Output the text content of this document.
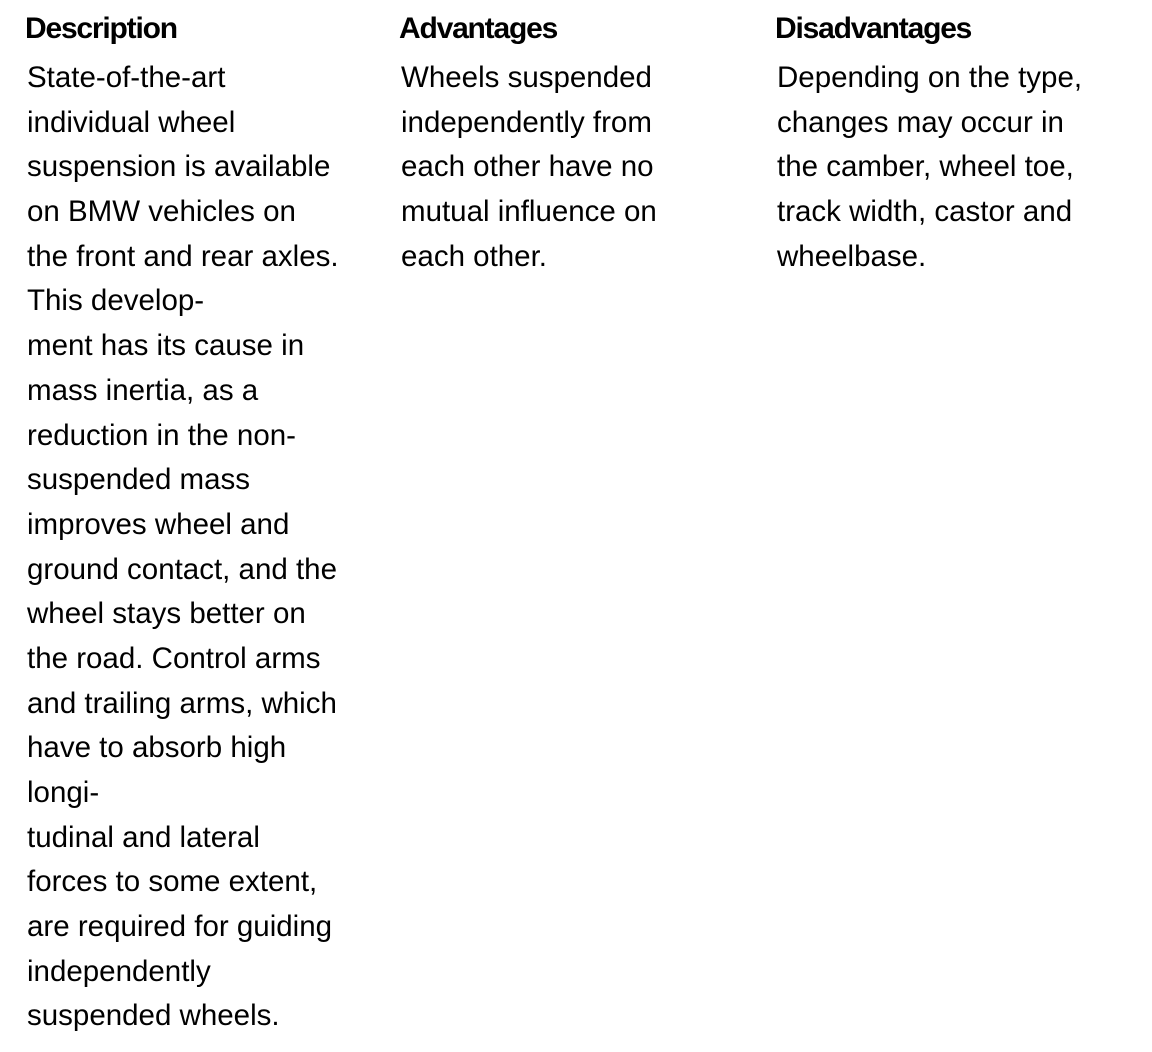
Description
State-of-the-art
individual wheel
suspension is available
on BMW vehicles on
the front and rear axles.
This develop-
ment has its cause in
mass inertia, as a
reduction in the non-
suspended mass
improves wheel and
ground contact, and the
wheel stays better on
the road. Control arms
and trailing arms, which
have to absorb high
longi-
tudinal and lateral
forces to some extent,
are required for guiding
independently
suspended wheels.
Advantages
Wheels suspended
independently from
each other have no
mutual influence on
each other.
Disadvantages
Depending on the type,
changes may occur in
the camber, wheel toe,
track width, castor and
wheelbase.
